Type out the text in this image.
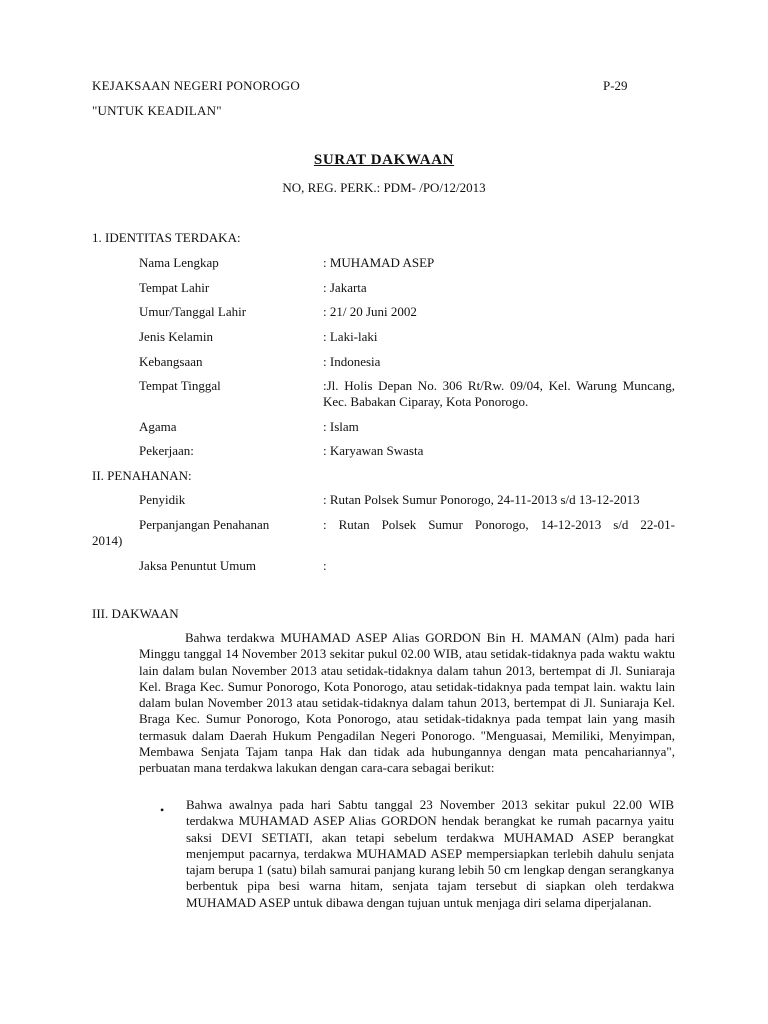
KEJAKSAAN NEGERI PONOROGO	P-29
"UNTUK KEADILAN"
SURAT DAKWAAN
NO, REG. PERK.: PDM- /PO/12/2013
1. IDENTITAS TERDAKA:
Nama Lengkap	: MUHAMAD ASEP
Tempat Lahir	: Jakarta
Umur/Tanggal Lahir	: 21/ 20 Juni 2002
Jenis Kelamin	: Laki-laki
Kebangsaan	: Indonesia
Tempat Tinggal	:Jl. Holis Depan No. 306 Rt/Rw. 09/04, Kel. Warung Muncang, Kec. Babakan Ciparay, Kota Ponorogo.
Agama	: Islam
Pekerjaan:	: Karyawan Swasta
II. PENAHANAN:
Penyidik	: Rutan Polsek Sumur Ponorogo, 24-11-2013 s/d 13-12-2013
Perpanjangan Penahanan	: Rutan Polsek Sumur Ponorogo, 14-12-2013 s/d 22-01-
2014)
Jaksa Penuntut Umum	:
III. DAKWAAN
Bahwa terdakwa MUHAMAD ASEP Alias GORDON Bin H. MAMAN (Alm) pada hari Minggu tanggal 14 November 2013 sekitar pukul 02.00 WIB, atau setidak-tidaknya pada waktu waktu lain dalam bulan November 2013 atau setidak-tidaknya dalam tahun 2013, bertempat di Jl. Suniaraja Kel. Braga Kec. Sumur Ponorogo, Kota Ponorogo, atau setidak-tidaknya pada tempat lain. waktu lain dalam bulan November 2013 atau setidak-tidaknya dalam tahun 2013, bertempat di Jl. Suniaraja Kel. Braga Kec. Sumur Ponorogo, Kota Ponorogo, atau setidak-tidaknya pada tempat lain yang masih termasuk dalam Daerah Hukum Pengadilan Negeri Ponorogo. "Menguasai, Memiliki, Menyimpan, Membawa Senjata Tajam tanpa Hak dan tidak ada hubungannya dengan mata pencahariannya", perbuatan mana terdakwa lakukan dengan cara-cara sebagai berikut:
• Bahwa awalnya pada hari Sabtu tanggal 23 November 2013 sekitar pukul 22.00 WIB terdakwa MUHAMAD ASEP Alias GORDON hendak berangkat ke rumah pacarnya yaitu saksi DEVI SETIATI, akan tetapi sebelum terdakwa MUHAMAD ASEP berangkat menjemput pacarnya, terdakwa MUHAMAD ASEP mempersiapkan terlebih dahulu senjata tajam berupa 1 (satu) bilah samurai panjang kurang lebih 50 cm lengkap dengan serangkanya berbentuk pipa besi warna hitam, senjata tajam tersebut di siapkan oleh terdakwa MUHAMAD ASEP untuk dibawa dengan tujuan untuk menjaga diri selama diperjalanan.
